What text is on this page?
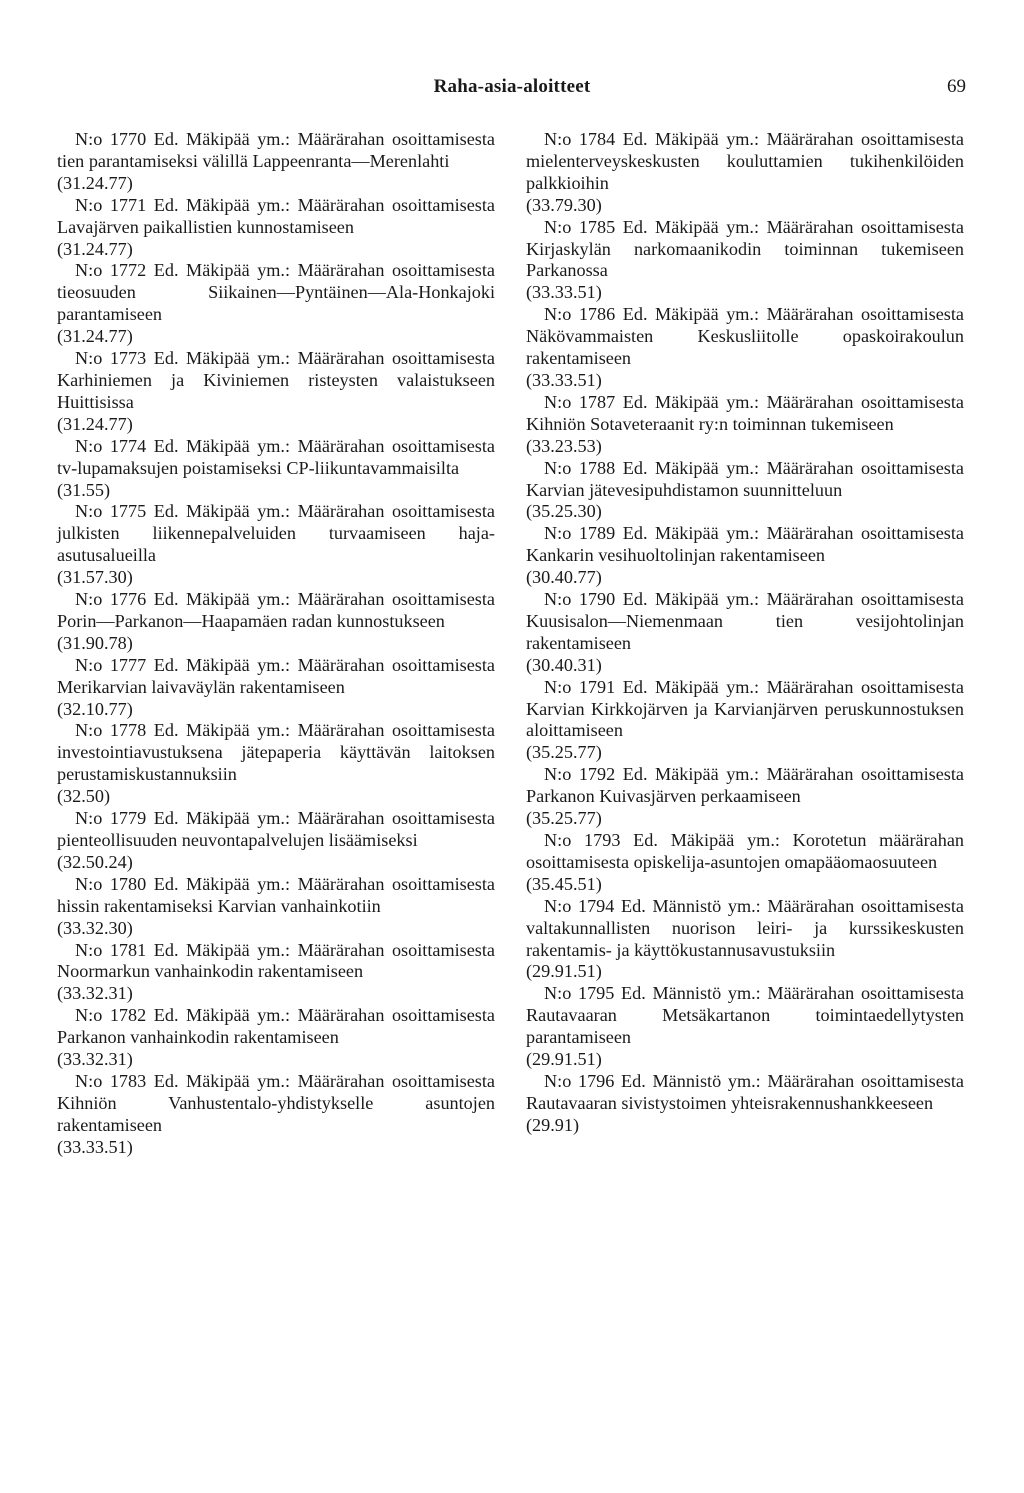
Raha-asia-aloitteet	69
N:o 1770 Ed. Mäkipää ym.: Määrärahan osoittamisesta tien parantamiseksi välillä Lappeenranta—Merenlahti
(31.24.77)
N:o 1771 Ed. Mäkipää ym.: Määrärahan osoittamisesta Lavajärven paikallistien kunnostamiseen
(31.24.77)
N:o 1772 Ed. Mäkipää ym.: Määrärahan osoittamisesta tieosuuden Siikainen—Pyntäinen—Ala-Honkajoki parantamiseen
(31.24.77)
N:o 1773 Ed. Mäkipää ym.: Määrärahan osoittamisesta Karhiniemen ja Kiviniemen risteysten valaistukseen Huittisissa
(31.24.77)
N:o 1774 Ed. Mäkipää ym.: Määrärahan osoittamisesta tv-lupamaksujen poistamiseksi CP-liikuntavammaisilta
(31.55)
N:o 1775 Ed. Mäkipää ym.: Määrärahan osoittamisesta julkisten liikennepalveluiden turvaamiseen haja-asutusalueilla
(31.57.30)
N:o 1776 Ed. Mäkipää ym.: Määrärahan osoittamisesta Porin—Parkanon—Haapamäen radan kunnostukseen
(31.90.78)
N:o 1777 Ed. Mäkipää ym.: Määrärahan osoittamisesta Merikarvian laivaväylän rakentamiseen
(32.10.77)
N:o 1778 Ed. Mäkipää ym.: Määrärahan osoittamisesta investointiavustuksena jätepaperia käyttävän laitoksen perustamiskustannuksiin
(32.50)
N:o 1779 Ed. Mäkipää ym.: Määrärahan osoittamisesta pienteollisuuden neuvontapalvelujen lisäämiseksi
(32.50.24)
N:o 1780 Ed. Mäkipää ym.: Määrärahan osoittamisesta hissin rakentamiseksi Karvian vanhainkotiin
(33.32.30)
N:o 1781 Ed. Mäkipää ym.: Määrärahan osoittamisesta Noormarkun vanhainkodin rakentamiseen
(33.32.31)
N:o 1782 Ed. Mäkipää ym.: Määrärahan osoittamisesta Parkanon vanhainkodin rakentamiseen
(33.32.31)
N:o 1783 Ed. Mäkipää ym.: Määrärahan osoittamisesta Kihniön Vanhustentalo-yhdistykselle asuntojen rakentamiseen
(33.33.51)
N:o 1784 Ed. Mäkipää ym.: Määrärahan osoittamisesta mielenterveyskeskusten kouluttamien tukihenkilöiden palkkioihin
(33.79.30)
N:o 1785 Ed. Mäkipää ym.: Määrärahan osoittamisesta Kirjaskylän narkomaanikodin toiminnan tukemiseen Parkanossa
(33.33.51)
N:o 1786 Ed. Mäkipää ym.: Määrärahan osoittamisesta Näkövammaisten Keskusliitolle opaskoirakoulun rakentamiseen
(33.33.51)
N:o 1787 Ed. Mäkipää ym.: Määrärahan osoittamisesta Kihniön Sotaveteraanit ry:n toiminnan tukemiseen
(33.23.53)
N:o 1788 Ed. Mäkipää ym.: Määrärahan osoittamisesta Karvian jätevesipuhdistamon suunnitteluun
(35.25.30)
N:o 1789 Ed. Mäkipää ym.: Määrärahan osoittamisesta Kankarin vesihuoltolinjan rakentamiseen
(30.40.77)
N:o 1790 Ed. Mäkipää ym.: Määrärahan osoittamisesta Kuusisalon—Niemenmaan tien vesijohtolinjan rakentamiseen
(30.40.31)
N:o 1791 Ed. Mäkipää ym.: Määrärahan osoittamisesta Karvian Kirkkojärven ja Karvianjärven peruskunnostuksen aloittamiseen
(35.25.77)
N:o 1792 Ed. Mäkipää ym.: Määrärahan osoittamisesta Parkanon Kuivasjärven perkaamiseen
(35.25.77)
N:o 1793 Ed. Mäkipää ym.: Korotetun määrärahan osoittamisesta opiskelija-asuntojen omapääomaosuuteen
(35.45.51)
N:o 1794 Ed. Männistö ym.: Määrärahan osoittamisesta valtakunnallisten nuorison leiri- ja kurssikeskusten rakentamis- ja käyttökustannusavustuksiin
(29.91.51)
N:o 1795 Ed. Männistö ym.: Määrärahan osoittamisesta Rautavaaran Metsäkartanon toimintaedellytysten parantamiseen
(29.91.51)
N:o 1796 Ed. Männistö ym.: Määrärahan osoittamisesta Rautavaaran sivistystoimen yhteisrakennushankkeeseen
(29.91)
